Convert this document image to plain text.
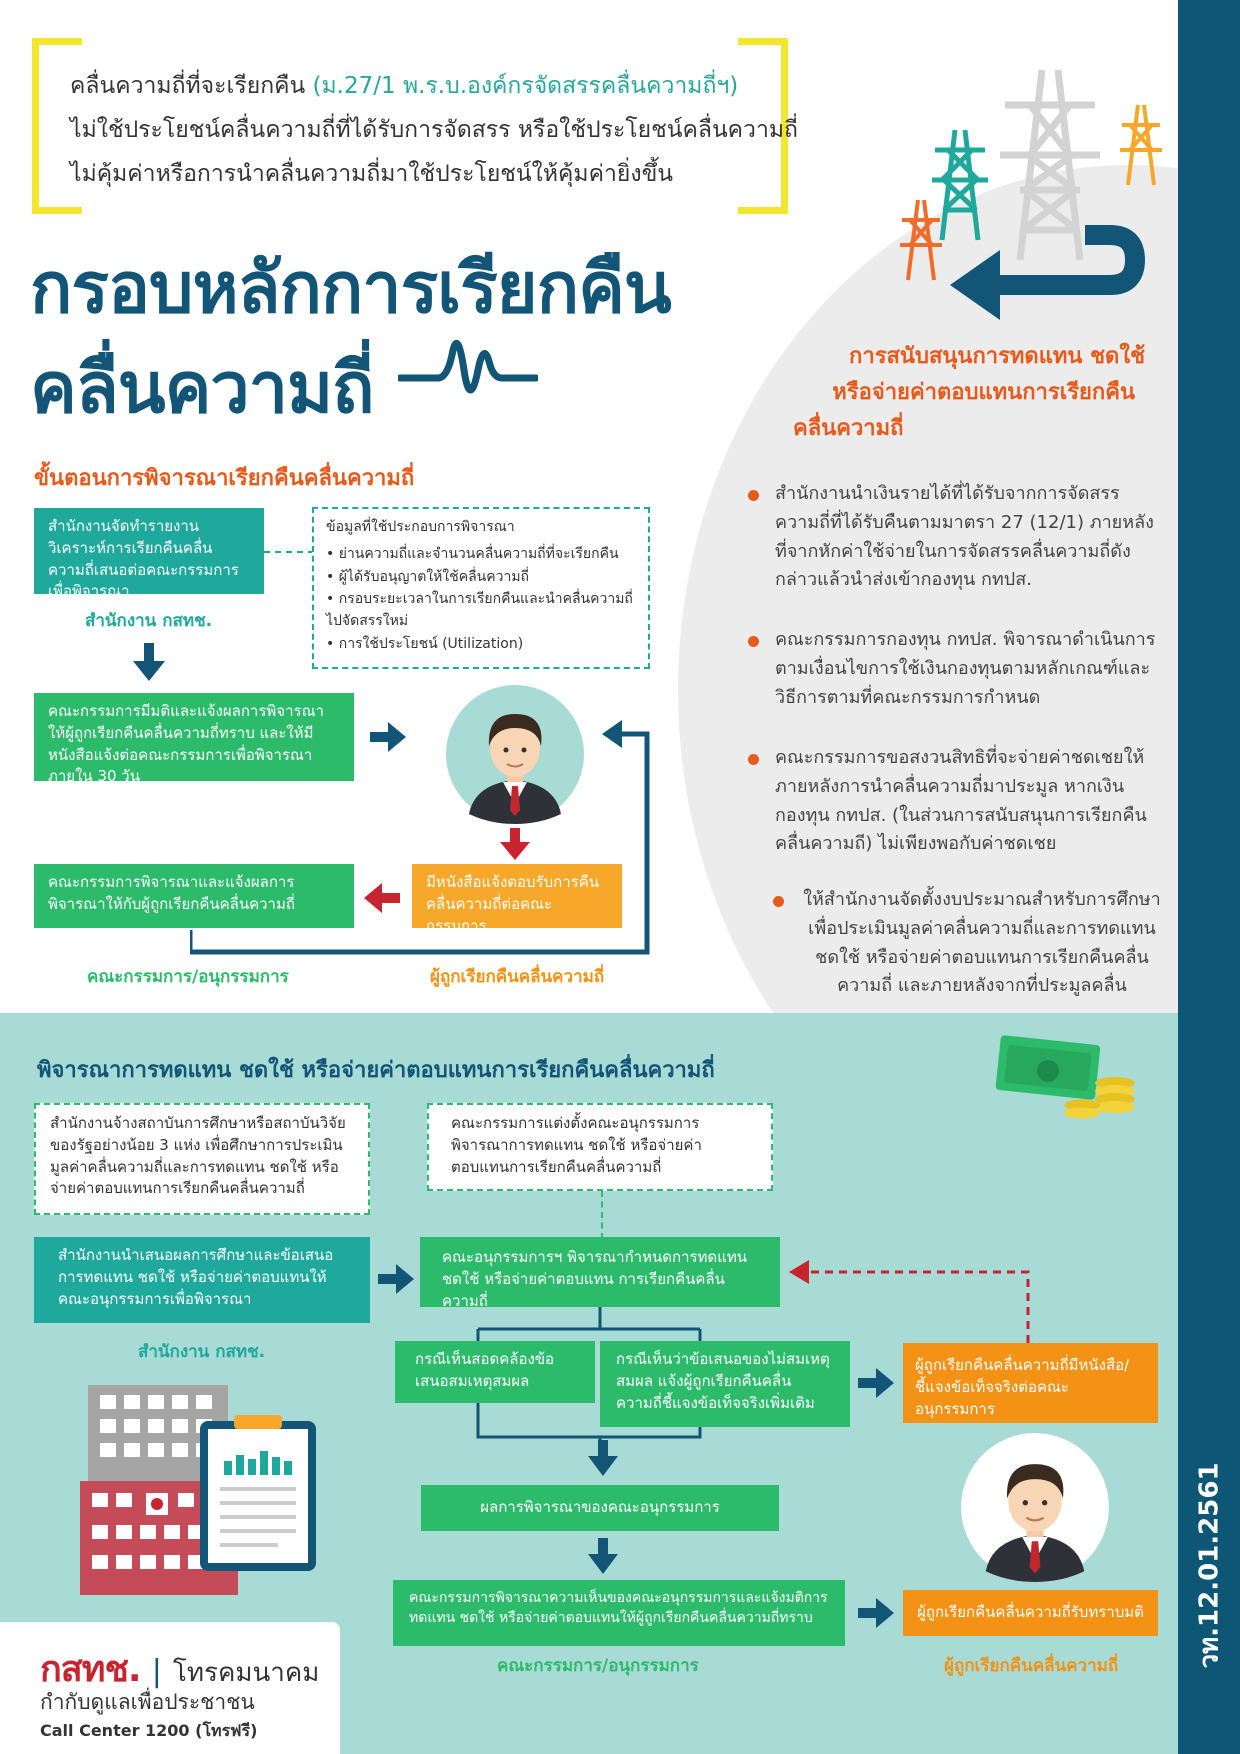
วท.12.01.2561
คลื่นความถี่ที่จะเรียกคืน (ม.27/1 พ.ร.บ.องค์กรจัดสรรคลื่นความถี่ฯ)
ไม่ใช้ประโยชน์คลื่นความถี่ที่ได้รับการจัดสรร หรือใช้ประโยชน์คลื่นความถี่
ไม่คุ้มค่าหรือการนำคลื่นความถี่มาใช้ประโยชน์ให้คุ้มค่ายิ่งขึ้น
กรอบหลักการเรียกคืน
คลื่นความถี่	การสนับสนุนการทดแทน ชดใช้
หรือจ่ายค่าตอบแทนการเรียกคืน
คลื่นความถี่
สำนักงานนำเงินรายได้ที่ได้รับจากการจัดสรรความถี่ที่ได้รับคืนตามมาตรา 27 (12/1) ภายหลังที่จากหักค่าใช้จ่ายในการจัดสรรคลื่นความถี่ดังกล่าวแล้วนำส่งเข้ากองทุน กทปส.
คณะกรรมการกองทุน กทปส. พิจารณาดำเนินการตามเงื่อนไขการใช้เงินกองทุนตามหลักเกณฑ์และวิธีการตามที่คณะกรรมการกำหนด
คณะกรรมการขอสงวนสิทธิที่จะจ่ายค่าชดเชยให้ภายหลังการนำคลื่นความถี่มาประมูล หากเงินกองทุน กทปส. (ในส่วนการสนับสนุนการเรียกคืนคลื่นความถี) ไม่เพียงพอกับค่าชดเชย
ให้สำนักงานจัดตั้งงบประมาณสำหรับการศึกษาเพื่อประเมินมูลค่าคลื่นความถี่และการทดแทน ชดใช้ หรือจ่ายค่าตอบแทนการเรียกคืนคลื่นความถี่ และภายหลังจากที่ประมูลคลื่น
ขั้นตอนการพิจารณาเรียกคืนคลื่นความถี่
สำนักงานจัดทำรายงานวิเคราะห์การเรียกคืนคลื่นความถี่เสนอต่อคณะกรรมการเพื่อพิจารณา
ข้อมูลที่ใช้ประกอบการพิจารณา
• ย่านความถี่และจำนวนคลื่นความถี่ที่จะเรียกคืน
• ผู้ได้รับอนุญาตให้ใช้คลื่นความถี่
• กรอบระยะเวลาในการเรียกคืนและนำคลื่นความถี่ไปจัดสรรใหม่
• การใช้ประโยชน์ (Utilization)
สำนักงาน กสทช.
คณะกรรมการมีมติและแจ้งผลการพิจารณาให้ผู้ถูกเรียกคืนคลื่นความถี่ทราบ และให้มีหนังสือแจ้งต่อคณะกรรมการเพื่อพิจารณาภายใน 30 วัน
คณะกรรมการพิจารณาและแจ้งผลการพิจารณาให้กับผู้ถูกเรียกคืนคลื่นความถี่
มีหนังสือแจ้งตอบรับการคืนคลื่นความถี่ต่อคณะกรรมการ
คณะกรรมการ/อนุกรรมการ	ผู้ถูกเรียกคืนคลื่นความถี่
พิจารณาการทดแทน ชดใช้ หรือจ่ายค่าตอบแทนการเรียกคืนคลื่นความถี่
สำนักงานจ้างสถาบันการศึกษาหรือสถาบันวิจัยของรัฐอย่างน้อย 3 แห่ง เพื่อศึกษาการประเมินมูลค่าคลื่นความถี่และการทดแทน ชดใช้ หรือจ่ายค่าตอบแทนการเรียกคืนคลื่นความถี่
คณะกรรมการแต่งตั้งคณะอนุกรรมการพิจารณาการทดแทน ชดใช้ หรือจ่ายค่าตอบแทนการเรียกคืนคลื่นความถี่
สำนักงานนำเสนอผลการศึกษาและข้อเสนอการทดแทน ชดใช้ หรือจ่ายค่าตอบแทนให้คณะอนุกรรมการเพื่อพิจารณา
คณะอนุกรรมการฯ พิจารณากำหนดการทดแทน ชดใช้ หรือจ่ายค่าตอบแทน การเรียกคืนคลื่นความถี่
สำนักงาน กสทช.	กรณีเห็นสอดคล้องข้อเสนอสมเหตุสมผล
กรณีเห็นว่าข้อเสนอของไม่สมเหตุสมผล แจ้งผู้ถูกเรียกคืนคลื่นความถี่ชี้แจงข้อเท็จจริงเพิ่มเติม
ผู้ถูกเรียกคืนคลื่นความถี่มีหนังสือ/ชี้แจงข้อเท็จจริงต่อคณะอนุกรรมการ
ผลการพิจารณาของคณะอนุกรรมการ
คณะกรรมการพิจารณาความเห็นของคณะอนุกรรมการและแจ้งมติการทดแทน ชดใช้ หรือจ่ายค่าตอบแทนให้ผู้ถูกเรียกคืนคลื่นความถี่ทราบ	ผู้ถูกเรียกคืนคลื่นความถี่รับทราบมติ
คณะกรรมการ/อนุกรรมการ	ผู้ถูกเรียกคืนคลื่นความถี่
กสทช. | โทรคมนาคม
กำกับดูแลเพื่อประชาชน
Call Center 1200 (โทรฟรี)
